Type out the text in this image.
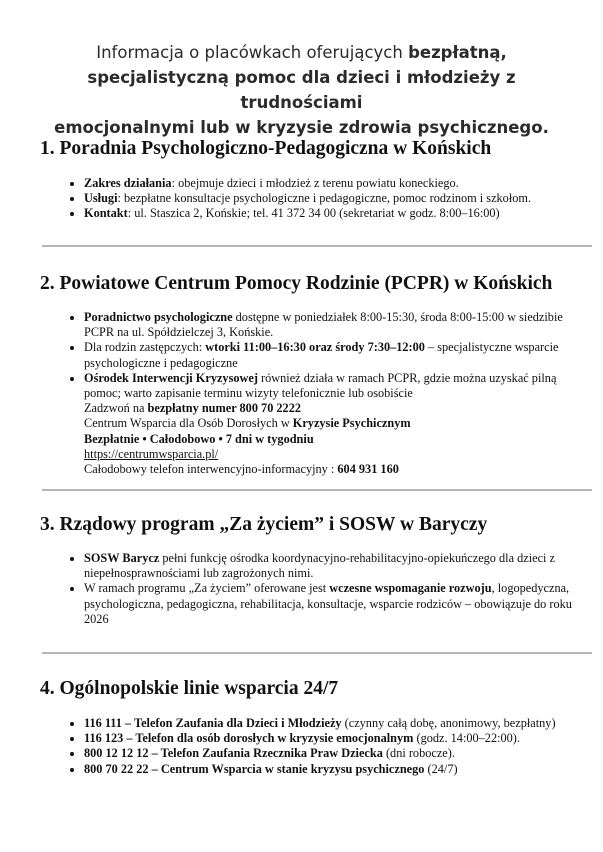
Informacja o placówkach oferujących bezpłatną,
specjalistyczną pomoc dla dzieci i młodzieży z trudnościami
emocjonalnymi lub w kryzysie zdrowia psychicznego.
1. Poradnia Psychologiczno-Pedagogiczna w Końskich
• Zakres działania: obejmuje dzieci i młodzież z terenu powiatu koneckiego.
• Usługi: bezpłatne konsultacje psychologiczne i pedagogiczne, pomoc rodzinom i szkołom.
• Kontakt: ul. Staszica 2, Końskie; tel. 41 372 34 00 (sekretariat w godz. 8:00–16:00)
2. Powiatowe Centrum Pomocy Rodzinie (PCPR) w Końskich
• Poradnictwo psychologiczne dostępne w poniedziałek 8:00-15:30, środa 8:00-15:00 w siedzibie PCPR na ul. Spółdzielczej 3, Końskie.
• Dla rodzin zastępczych: wtorki 11:00–16:30 oraz środy 7:30–12:00 – specjalistyczne wsparcie psychologiczne i pedagogiczne
• Ośrodek Interwencji Kryzysowej również działa w ramach PCPR, gdzie można uzyskać pilną pomoc; warto zapisanie terminu wizyty telefonicznie lub osobiście
Zadzwoń na bezpłatny numer 800 70 2222
Centrum Wsparcia dla Osób Dorosłych w Kryzysie Psychicznym
Bezpłatnie • Całodobowo • 7 dni w tygodniu
https://centrumwsparcia.pl/
Całodobowy telefon interwencyjno-informacyjny : 604 931 160
3. Rządowy program „Za życiem” i SOSW w Baryczy
• SOSW Barycz pełni funkcję ośrodka koordynacyjno-rehabilitacyjno-opiekuńczego dla dzieci z niepełnosprawnościami lub zagrożonych nimi.
• W ramach programu „Za życiem” oferowane jest wczesne wspomaganie rozwoju, logopedyczna, psychologiczna, pedagogiczna, rehabilitacja, konsultacje, wsparcie rodziców – obowiązuje do roku 2026
4. Ogólnopolskie linie wsparcia 24/7
• 116 111 – Telefon Zaufania dla Dzieci i Młodzieży (czynny całą dobę, anonimowy, bezpłatny)
• 116 123 – Telefon dla osób dorosłych w kryzysie emocjonalnym (godz. 14:00–22:00).
• 800 12 12 12 – Telefon Zaufania Rzecznika Praw Dziecka (dni robocze).
• 800 70 22 22 – Centrum Wsparcia w stanie kryzysu psychicznego (24/7)
